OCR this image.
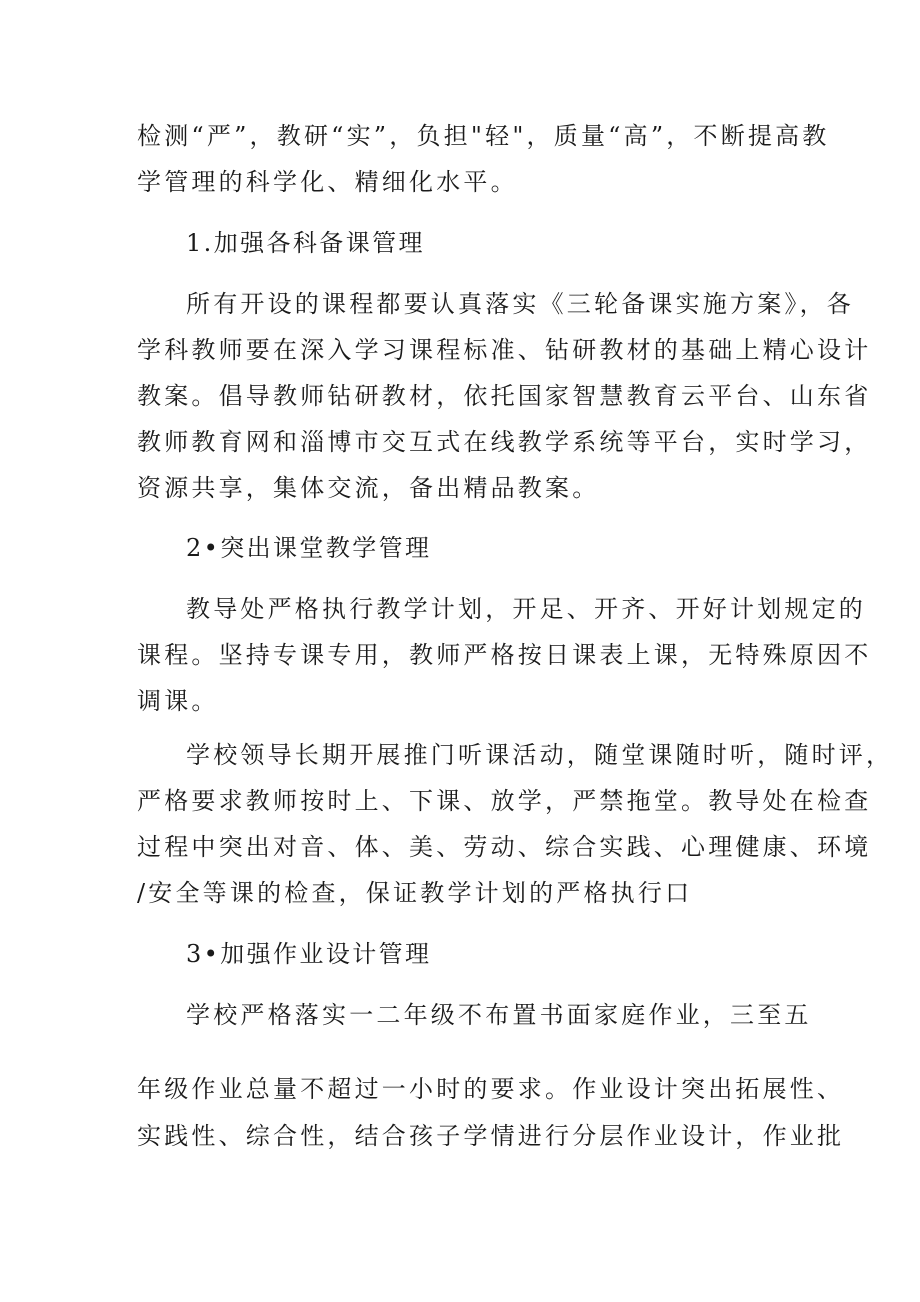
检测“严”，教研“实”，负担"轻"，质量“高”，不断提高教
学管理的科学化、精细化水平。
1.加强各科备课管理
所有开设的课程都要认真落实《三轮备课实施方案》，各
学科教师要在深入学习课程标准、钻研教材的基础上精心设计
教案。倡导教师钻研教材，依托国家智慧教育云平台、山东省
教师教育网和淄博市交互式在线教学系统等平台，实时学习，
资源共享，集体交流，备出精品教案。
2•突出课堂教学管理
教导处严格执行教学计划，开足、开齐、开好计划规定的
课程。坚持专课专用，教师严格按日课表上课，无特殊原因不
调课。
学校领导长期开展推门听课活动，随堂课随时听，随时评，
严格要求教师按时上、下课、放学，严禁拖堂。教导处在检查
过程中突出对音、体、美、劳动、综合实践、心理健康、环境
/安全等课的检查，保证教学计划的严格执行口
3•加强作业设计管理
学校严格落实一二年级不布置书面家庭作业，三至五
年级作业总量不超过一小时的要求。作业设计突出拓展性、
实践性、综合性，结合孩子学情进行分层作业设计，作业批
